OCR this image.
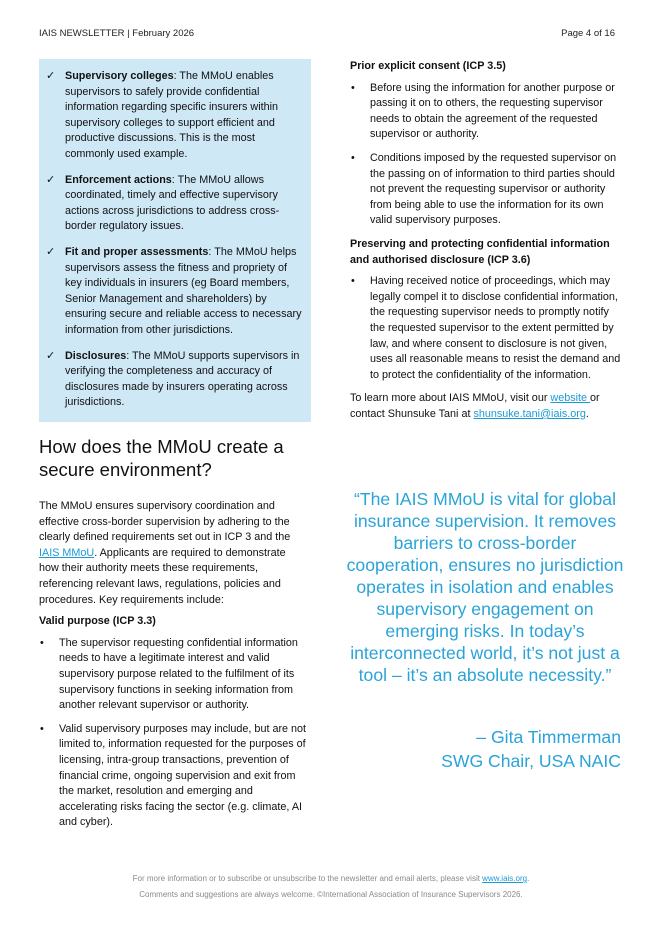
IAIS NEWSLETTER | February 2026	Page 4 of 16
✓ Supervisory colleges: The MMoU enables supervisors to safely provide confidential information regarding specific insurers within supervisory colleges to support efficient and productive discussions. This is the most commonly used example.
✓ Enforcement actions: The MMoU allows coordinated, timely and effective supervisory actions across jurisdictions to address cross-border regulatory issues.
✓ Fit and proper assessments: The MMoU helps supervisors assess the fitness and propriety of key individuals in insurers (eg Board members, Senior Management and shareholders) by ensuring secure and reliable access to necessary information from other jurisdictions.
✓ Disclosures: The MMoU supports supervisors in verifying the completeness and accuracy of disclosures made by insurers operating across jurisdictions.
How does the MMoU create a secure environment?

The MMoU ensures supervisory coordination and effective cross-border supervision by adhering to the clearly defined requirements set out in ICP 3 and the IAIS MMoU. Applicants are required to demonstrate how their authority meets these requirements, referencing relevant laws, regulations, policies and procedures. Key requirements include:

Valid purpose (ICP 3.3)
• The supervisor requesting confidential information needs to have a legitimate interest and valid supervisory purpose related to the fulfilment of its supervisory functions in seeking information from another relevant supervisor or authority.
• Valid supervisory purposes may include, but are not limited to, information requested for the purposes of licensing, intra-group transactions, prevention of financial crime, ongoing supervision and exit from the market, resolution and emerging and accelerating risks facing the sector (e.g. climate, AI and cyber).
Prior explicit consent (ICP 3.5)
• Before using the information for another purpose or passing it on to others, the requesting supervisor needs to obtain the agreement of the requested supervisor or authority.
• Conditions imposed by the requested supervisor on the passing on of information to third parties should not prevent the requesting supervisor or authority from being able to use the information for its own valid supervisory purposes.
Preserving and protecting confidential information and authorised disclosure (ICP 3.6)
• Having received notice of proceedings, which may legally compel it to disclose confidential information, the requesting supervisor needs to promptly notify the requested supervisor to the extent permitted by law, and where consent to disclosure is not given, uses all reasonable means to resist the demand and to protect the confidentiality of the information.

To learn more about IAIS MMoU, visit our website or contact Shunsuke Tani at shunsuke.tani@iais.org.

“The IAIS MMoU is vital for global insurance supervision. It removes barriers to cross-border cooperation, ensures no jurisdiction operates in isolation and enables supervisory engagement on emerging risks. In today’s interconnected world, it’s not just a tool – it’s an absolute necessity.”
– Gita Timmerman
SWG Chair, USA NAIC
For more information or to subscribe or unsubscribe to the newsletter and email alerts, please visit www.iais.org.
Comments and suggestions are always welcome. ©International Association of Insurance Supervisors 2026.
